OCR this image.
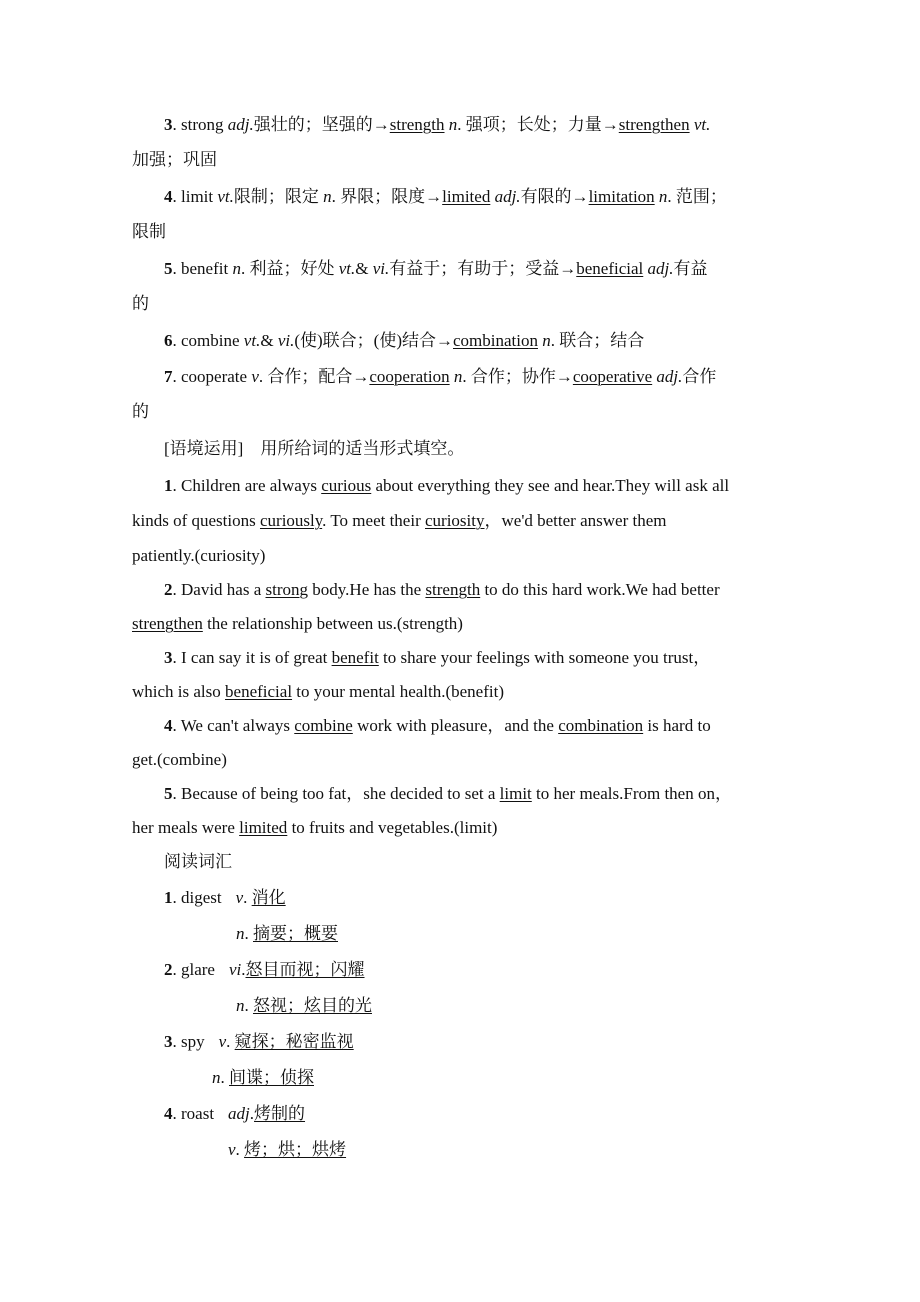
3. strong adj.强壮的；坚强的→strength n. 强项；长处；力量→strengthen vt.
加强；巩固
4. limit vt.限制；限定 n. 界限；限度→limited adj.有限的→limitation n. 范围；
限制
5. benefit n. 利益；好处 vt.& vi.有益于；有助于；受益→beneficial adj.有益
的
6. combine vt.& vi.(使)联合；(使)结合→combination n. 联合；结合
7. cooperate v. 合作；配合→cooperation n. 合作；协作→cooperative adj.合作
的
[语境运用]　用所给词的适当形式填空。
1. Children are always curious about everything they see and hear.They will ask all
kinds of questions curiously. To meet their curiosity，we'd better answer them
patiently.(curiosity)
2. David has a strong body.He has the strength to do this hard work.We had better
strengthen the relationship between us.(strength)
3. I can say it is of great benefit to share your feelings with someone you trust，
which is also beneficial to your mental health.(benefit)
4. We can't always combine work with pleasure，and the combination is hard to
get.(combine)
5. Because of being too fat，she decided to set a limit to her meals.From then on，
her meals were limited to fruits and vegetables.(limit)
阅读词汇
1. digest v. 消化
n. 摘要；概要
2. glare vi.怒目而视；闪耀
n. 怒视；炫目的光
3. spy v. 窥探；秘密监视
n. 间谍；侦探
4. roast adj.烤制的
v. 烤；烘；烘烤
